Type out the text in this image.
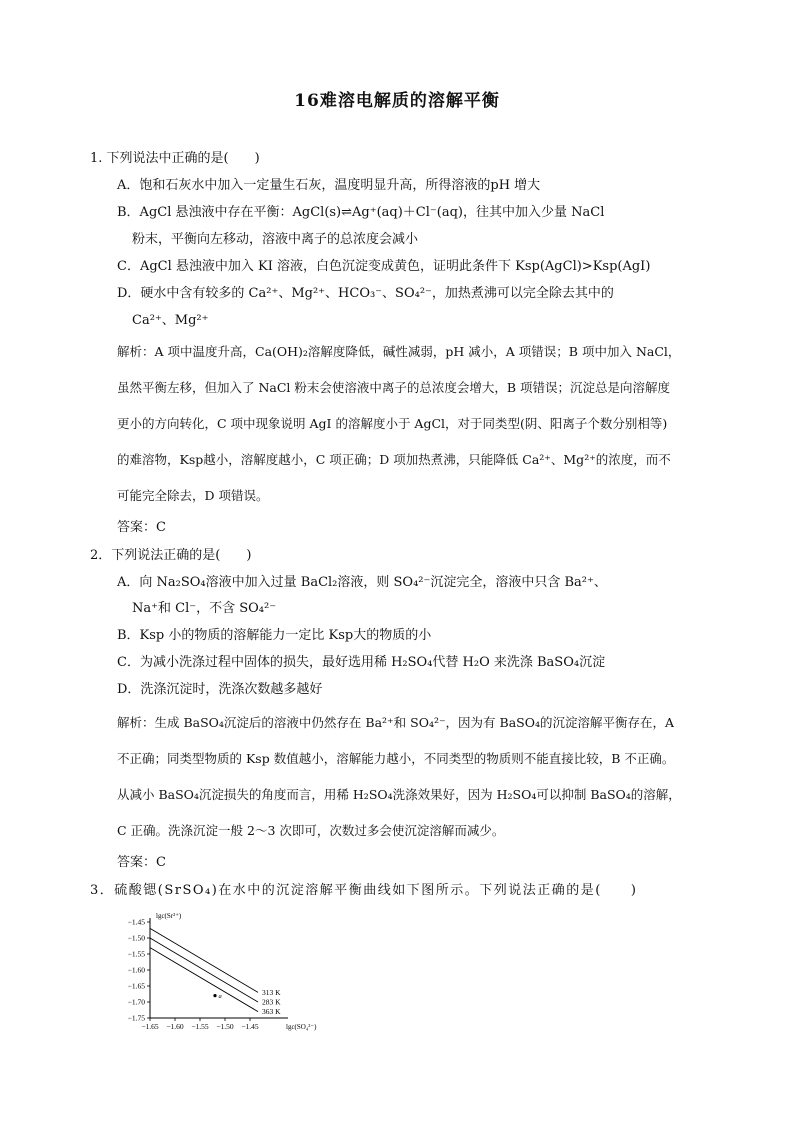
16难溶电解质的溶解平衡
1. 下列说法中正确的是(　　)
A．饱和石灰水中加入一定量生石灰，温度明显升高，所得溶液的pH 增大
B．AgCl 悬浊液中存在平衡：AgCl(s)⇌Ag⁺(aq)＋Cl⁻(aq)，往其中加入少量 NaCl
粉末，平衡向左移动，溶液中离子的总浓度会减小
C．AgCl 悬浊液中加入 KI 溶液，白色沉淀变成黄色，证明此条件下 Ksp(AgCl)>Ksp(AgI)
D．硬水中含有较多的 Ca²⁺、Mg²⁺、HCO₃⁻、SO₄²⁻，加热煮沸可以完全除去其中的
Ca²⁺、Mg²⁺
解析：A 项中温度升高，Ca(OH)₂溶解度降低，碱性减弱，pH 减小，A 项错误；B 项中加入 NaCl，
虽然平衡左移，但加入了 NaCl 粉末会使溶液中离子的总浓度会增大，B 项错误；沉淀总是向溶解度
更小的方向转化，C 项中现象说明 AgI 的溶解度小于 AgCl，对于同类型(阴、阳离子个数分别相等)
的难溶物，Ksp越小，溶解度越小，C 项正确；D 项加热煮沸，只能降低 Ca²⁺、Mg²⁺的浓度，而不
可能完全除去，D 项错误。
答案：C
2．下列说法正确的是(　　)
A．向 Na₂SO₄溶液中加入过量 BaCl₂溶液，则 SO₄²⁻沉淀完全，溶液中只含 Ba²⁺、
Na⁺和 Cl⁻，不含 SO₄²⁻
B．Ksp 小的物质的溶解能力一定比 Ksp大的物质的小
C．为减小洗涤过程中固体的损失，最好选用稀 H₂SO₄代替 H₂O 来洗涤 BaSO₄沉淀
D．洗涤沉淀时，洗涤次数越多越好
解析：生成 BaSO₄沉淀后的溶液中仍然存在 Ba²⁺和 SO₄²⁻，因为有 BaSO₄的沉淀溶解平衡存在，A
不正确；同类型物质的 Ksp 数值越小，溶解能力越小，不同类型的物质则不能直接比较，B 不正确。
从减小 BaSO₄沉淀损失的角度而言，用稀 H₂SO₄洗涤效果好，因为 H₂SO₄可以抑制 BaSO₄的溶解，
C 正确。洗涤沉淀一般 2～3 次即可，次数过多会使沉淀溶解而减少。
答案：C
3．硫酸锶(SrSO₄)在水中的沉淀溶解平衡曲线如下图所示。下列说法正确的是(　　)
lgc(Sr²⁺)
lgc(SO₄²⁻)
−1.45
−1.50
−1.55
−1.60
−1.65
−1.70
−1.75
−1.65 −1.60 −1.55 −1.50 −1.45
313 K
283 K
363 K
a
